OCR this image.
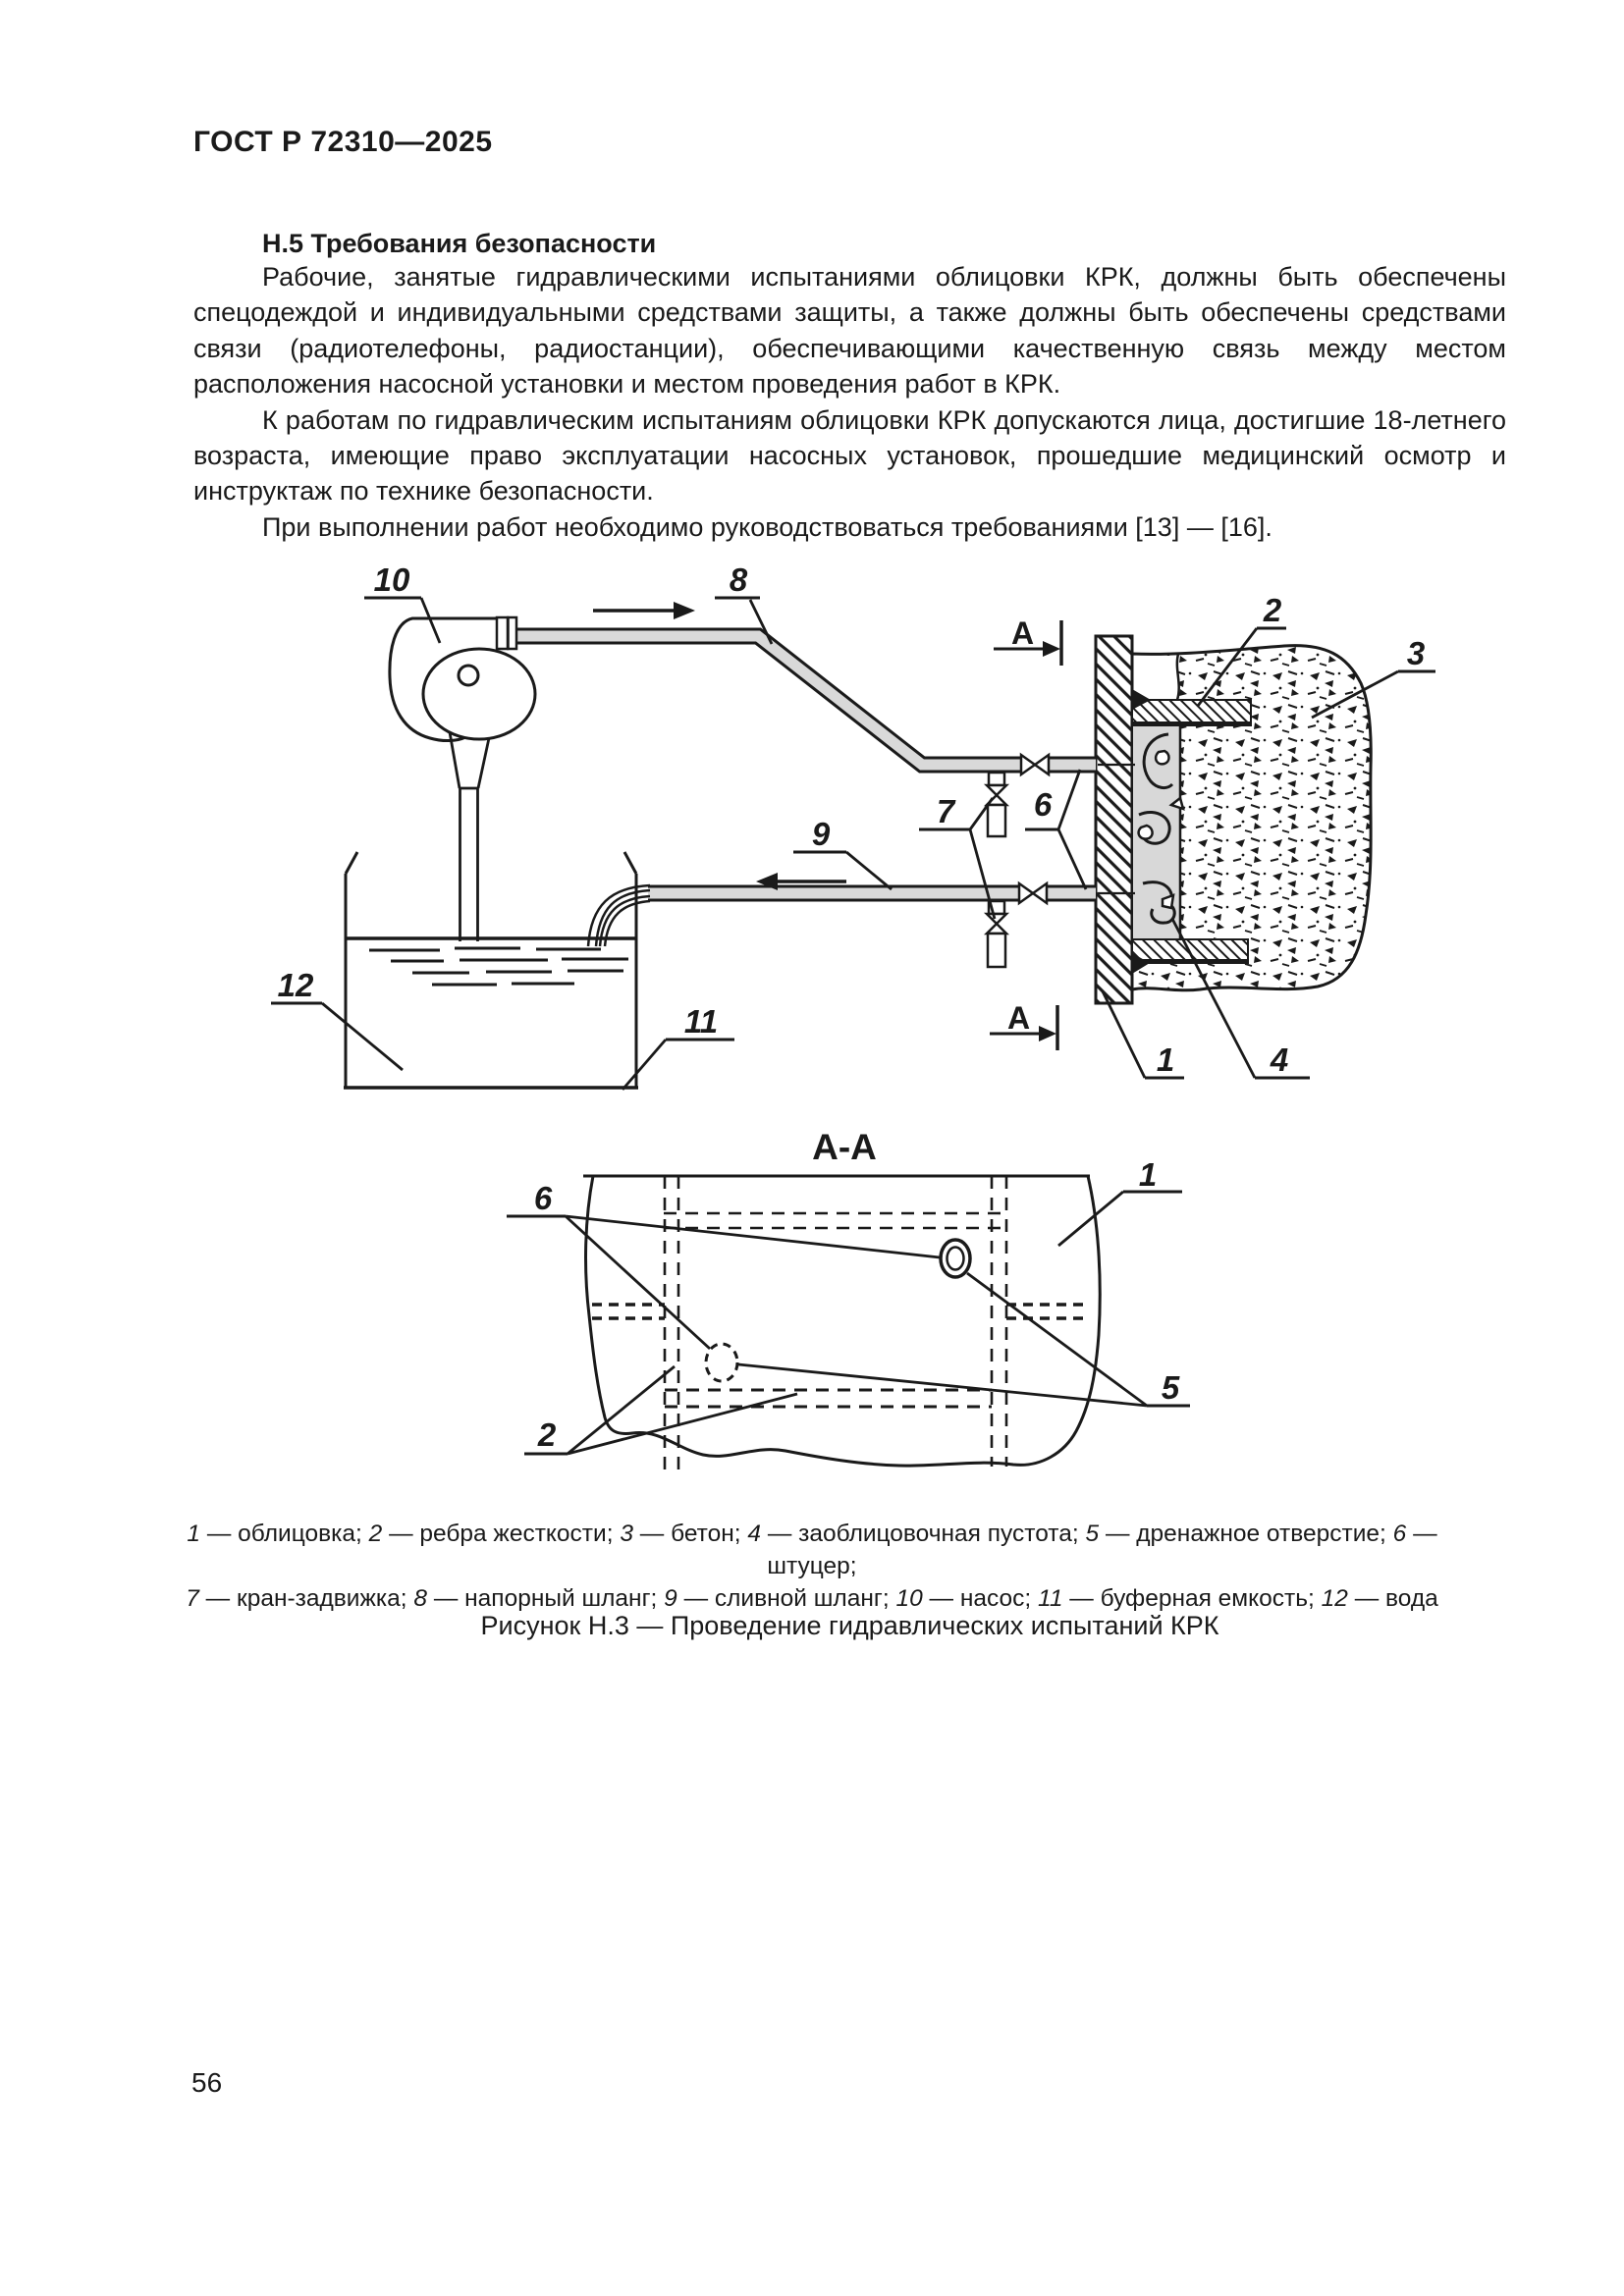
ГОСТ Р 72310—2025
Н.5 Требования безопасности

Рабочие, занятые гидравлическими испытаниями облицовки КРК, должны быть обеспечены спецодеждой и индивидуальными средствами защиты, а также должны быть обеспечены средствами связи (радиотелефоны, радиостанции), обеспечивающими качественную связь между местом расположения насосной установки и местом проведения работ в КРК.

К работам по гидравлическим испытаниям облицовки КРК допускаются лица, достигшие 18-летнего возраста, имеющие право эксплуатации насосных установок, прошедшие медицинский осмотр и инструктаж по технике безопасности.

При выполнении работ необходимо руководствоваться требованиями [13] — [16].

А
А
10	8
2
3
7 6
9
12
11
1	4
А-А
6
1
5
2
1 — облицовка; 2 — ребра жесткости; 3 — бетон; 4 — заоблицовочная пустота; 5 — дренажное отверстие; 6 — штуцер;
7 — кран-задвижка; 8 — напорный шланг; 9 — сливной шланг; 10 — насос; 11 — буферная емкость; 12 — вода
Рисунок Н.3 — Проведение гидравлических испытаний КРК
56
